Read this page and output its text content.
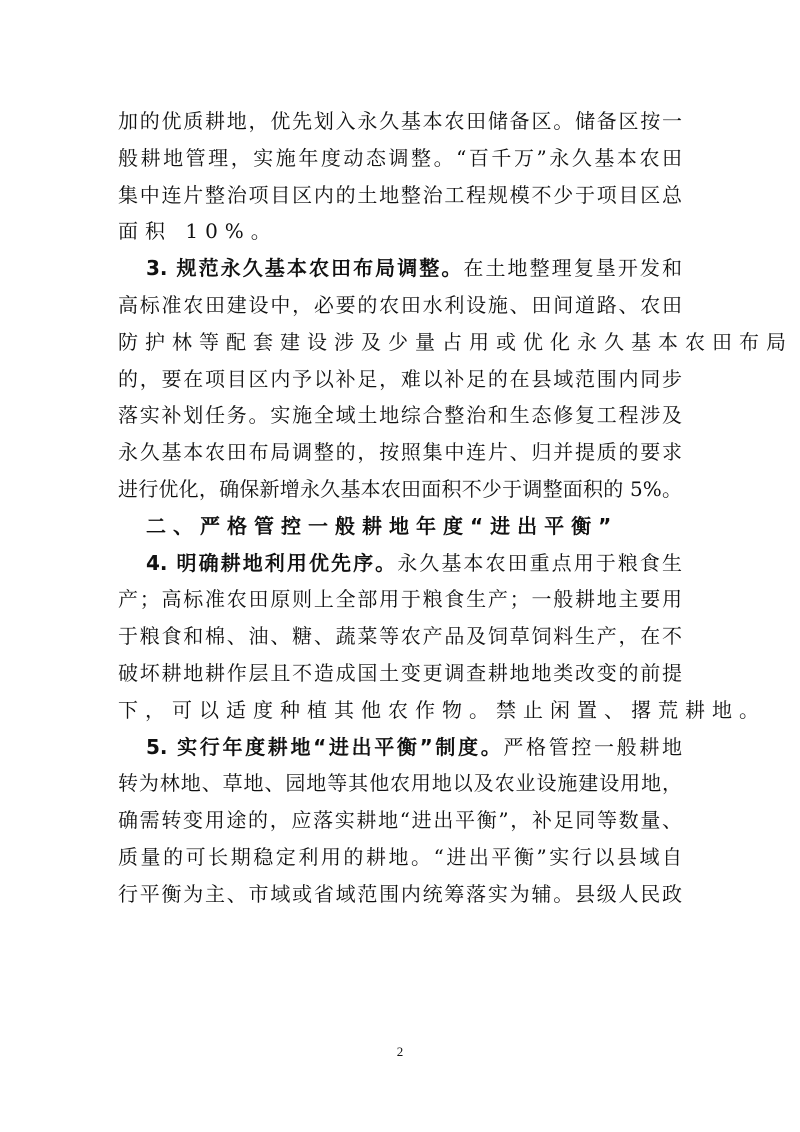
加的优质耕地，优先划入永久基本农田储备区。储备区按一
般耕地管理，实施年度动态调整。“百千万”永久基本农田
集中连片整治项目区内的土地整治工程规模不少于项目区总
面积 10%。
3. 规范永久基本农田布局调整。在土地整理复垦开发和
高标准农田建设中，必要的农田水利设施、田间道路、农田
防护林等配套建设涉及少量占用或优化永久基本农田布局
的，要在项目区内予以补足，难以补足的在县域范围内同步
落实补划任务。实施全域土地综合整治和生态修复工程涉及
永久基本农田布局调整的，按照集中连片、归并提质的要求
进行优化，确保新增永久基本农田面积不少于调整面积的 5%。
二、严格管控一般耕地年度“进出平衡”
4. 明确耕地利用优先序。永久基本农田重点用于粮食生
产；高标准农田原则上全部用于粮食生产；一般耕地主要用
于粮食和棉、油、糖、蔬菜等农产品及饲草饲料生产，在不
破坏耕地耕作层且不造成国土变更调查耕地地类改变的前提
下，可以适度种植其他农作物。禁止闲置、撂荒耕地。
5. 实行年度耕地“进出平衡”制度。严格管控一般耕地
转为林地、草地、园地等其他农用地以及农业设施建设用地，
确需转变用途的，应落实耕地“进出平衡”，补足同等数量、
质量的可长期稳定利用的耕地。“进出平衡”实行以县域自
行平衡为主、市域或省域范围内统筹落实为辅。县级人民政
2
